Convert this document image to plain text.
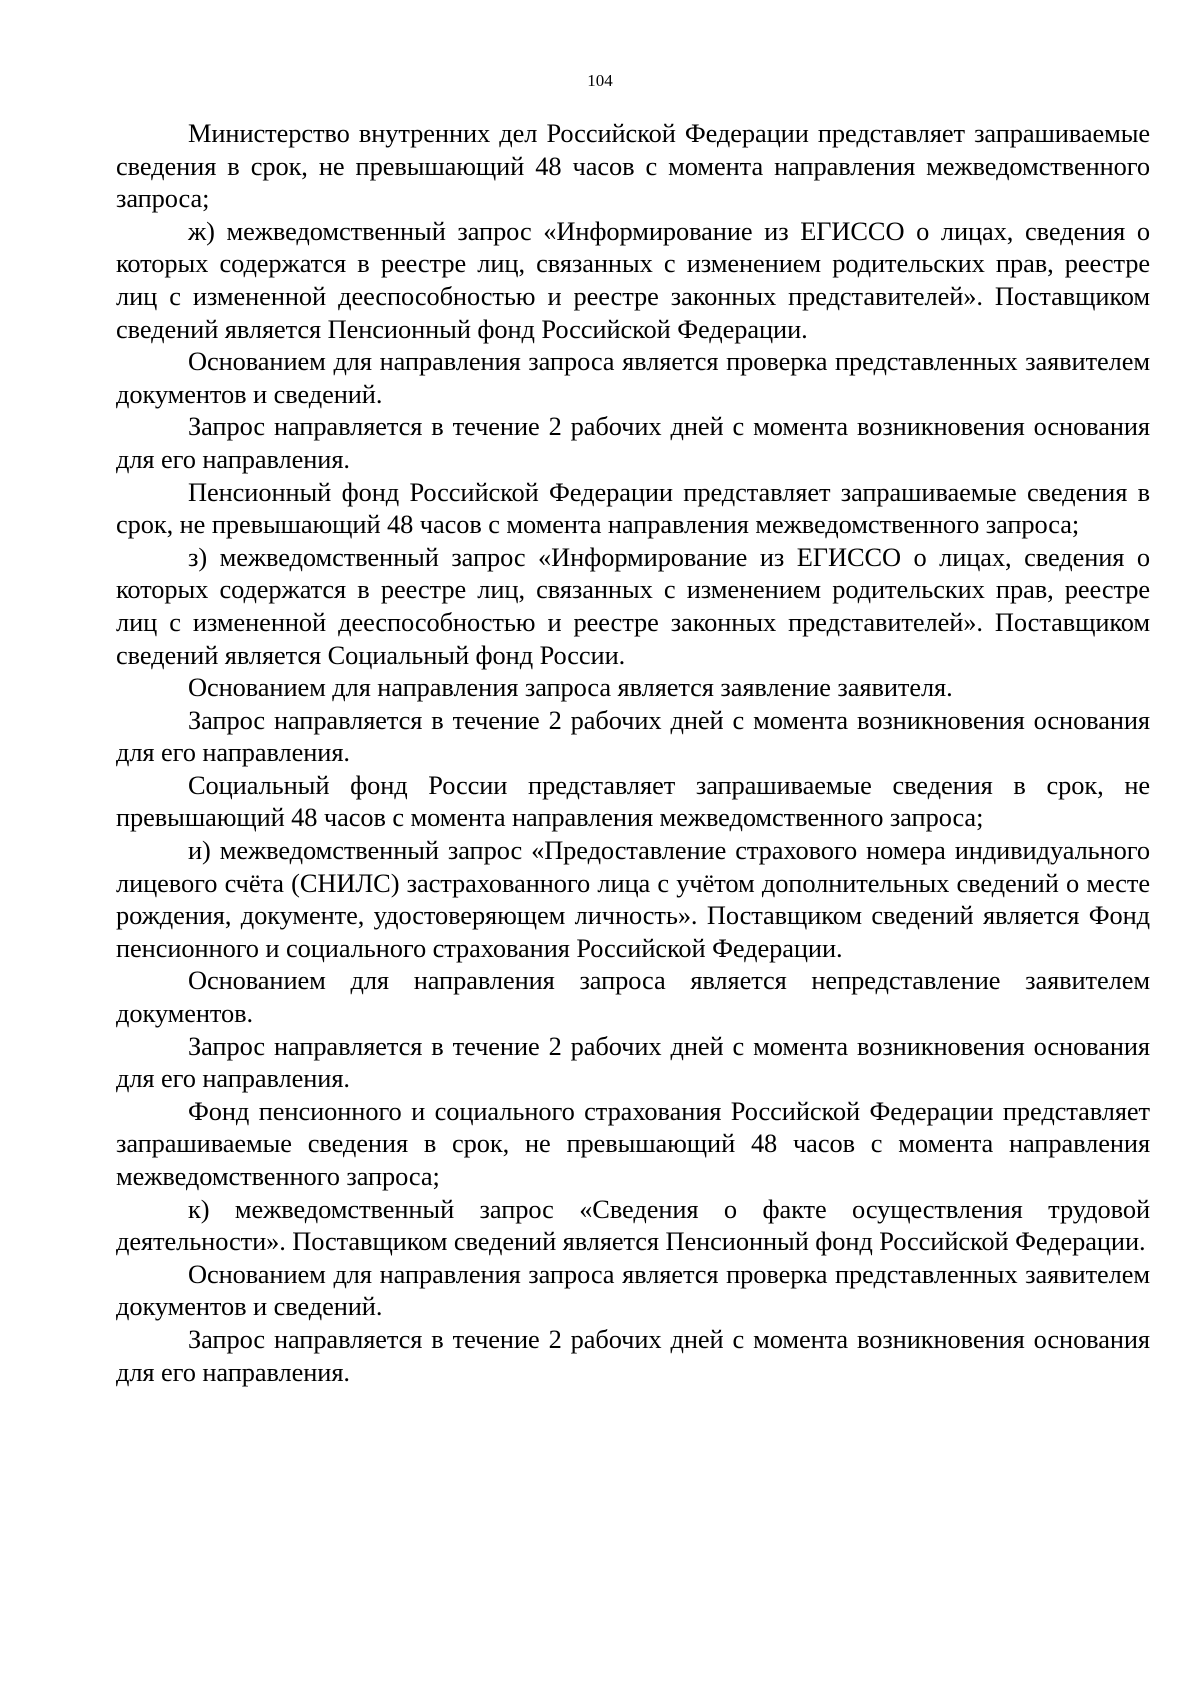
104

Министерство внутренних дел Российской Федерации представляет запрашиваемые сведения в срок, не превышающий 48 часов с момента направления межведомственного запроса;

ж) межведомственный запрос «Информирование из ЕГИССО о лицах, сведения о которых содержатся в реестре лиц, связанных с изменением родительских прав, реестре лиц с измененной дееспособностью и реестре законных представителей». Поставщиком сведений является Пенсионный фонд Российской Федерации.

Основанием для направления запроса является проверка представленных заявителем документов и сведений.

Запрос направляется в течение 2 рабочих дней с момента возникновения основания для его направления.

Пенсионный фонд Российской Федерации представляет запрашиваемые сведения в срок, не превышающий 48 часов с момента направления межведомственного запроса;

з) межведомственный запрос «Информирование из ЕГИССО о лицах, сведения о которых содержатся в реестре лиц, связанных с изменением родительских прав, реестре лиц с измененной дееспособностью и реестре законных представителей». Поставщиком сведений является Социальный фонд России.

Основанием для направления запроса является заявление заявителя.

Запрос направляется в течение 2 рабочих дней с момента возникновения основания для его направления.

Социальный фонд России представляет запрашиваемые сведения в срок, не превышающий 48 часов с момента направления межведомственного запроса;

и) межведомственный запрос «Предоставление страхового номера индивидуального лицевого счёта (СНИЛС) застрахованного лица с учётом дополнительных сведений о месте рождения, документе, удостоверяющем личность». Поставщиком сведений является Фонд пенсионного и социального страхования Российской Федерации.

Основанием для направления запроса является непредставление заявителем документов.

Запрос направляется в течение 2 рабочих дней с момента возникновения основания для его направления.

Фонд пенсионного и социального страхования Российской Федерации представляет запрашиваемые сведения в срок, не превышающий 48 часов с момента направления межведомственного запроса;

к) межведомственный запрос «Сведения о факте осуществления трудовой деятельности». Поставщиком сведений является Пенсионный фонд Российской Федерации.

Основанием для направления запроса является проверка представленных заявителем документов и сведений.

Запрос направляется в течение 2 рабочих дней с момента возникновения основания для его направления.
